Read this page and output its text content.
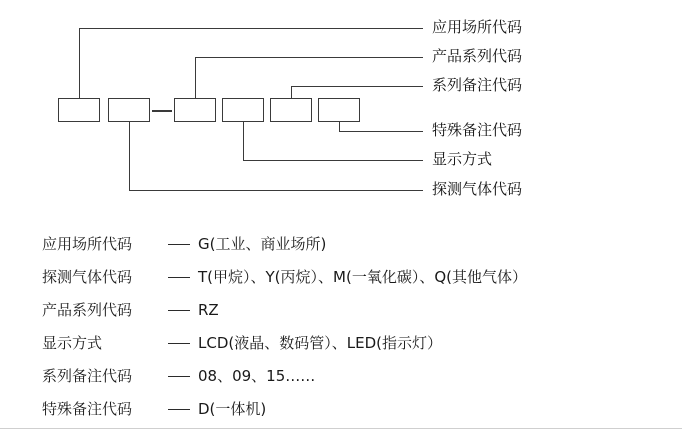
应用场所代码
产品系列代码
系列备注代码
特殊备注代码
显示方式
探测气体代码
应用场所代码	G(工业、商业场所)
探测气体代码	T(甲烷）、Y(丙烷）、M(一氧化碳）、Q(其他气体）
产品系列代码	RZ
显示方式	LCD(液晶、数码管）、LED(指示灯）
系列备注代码	08、09、15……
特殊备注代码	D(一体机)
